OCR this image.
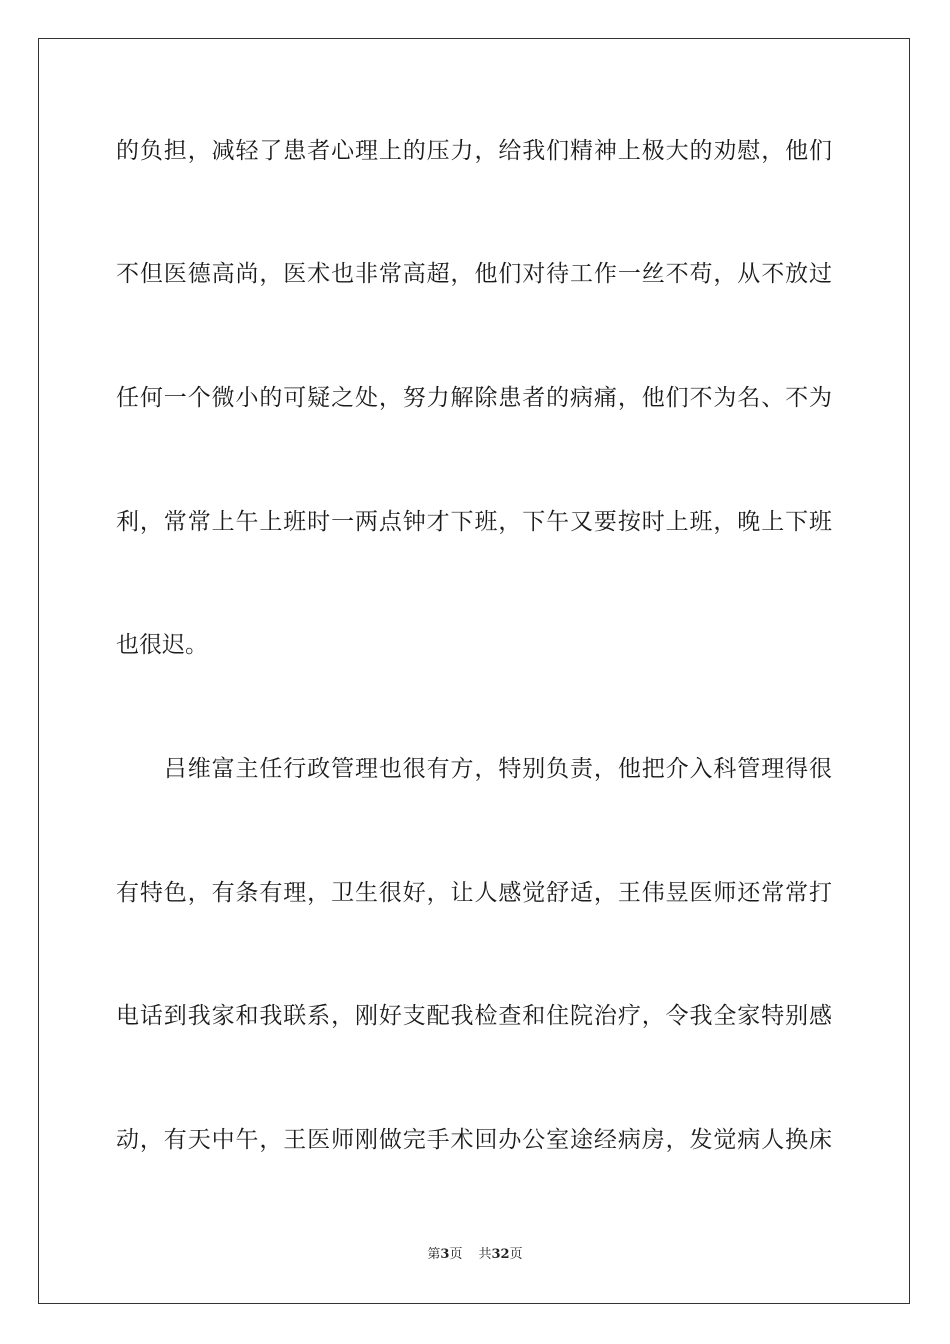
的负担，减轻了患者心理上的压力，给我们精神上极大的劝慰，他们
不但医德高尚，医术也非常高超，他们对待工作一丝不苟，从不放过
任何一个微小的可疑之处，努力解除患者的病痛，他们不为名、不为
利，常常上午上班时一两点钟才下班，下午又要按时上班，晚上下班
也很迟。
　　吕维富主任行政管理也很有方，特别负责，他把介入科管理得很
有特色，有条有理，卫生很好，让人感觉舒适，王伟昱医师还常常打
电话到我家和我联系，刚好支配我检查和住院治疗，令我全家特别感
动，有天中午，王医师刚做完手术回办公室途经病房，发觉病人换床
第3页 共32页
